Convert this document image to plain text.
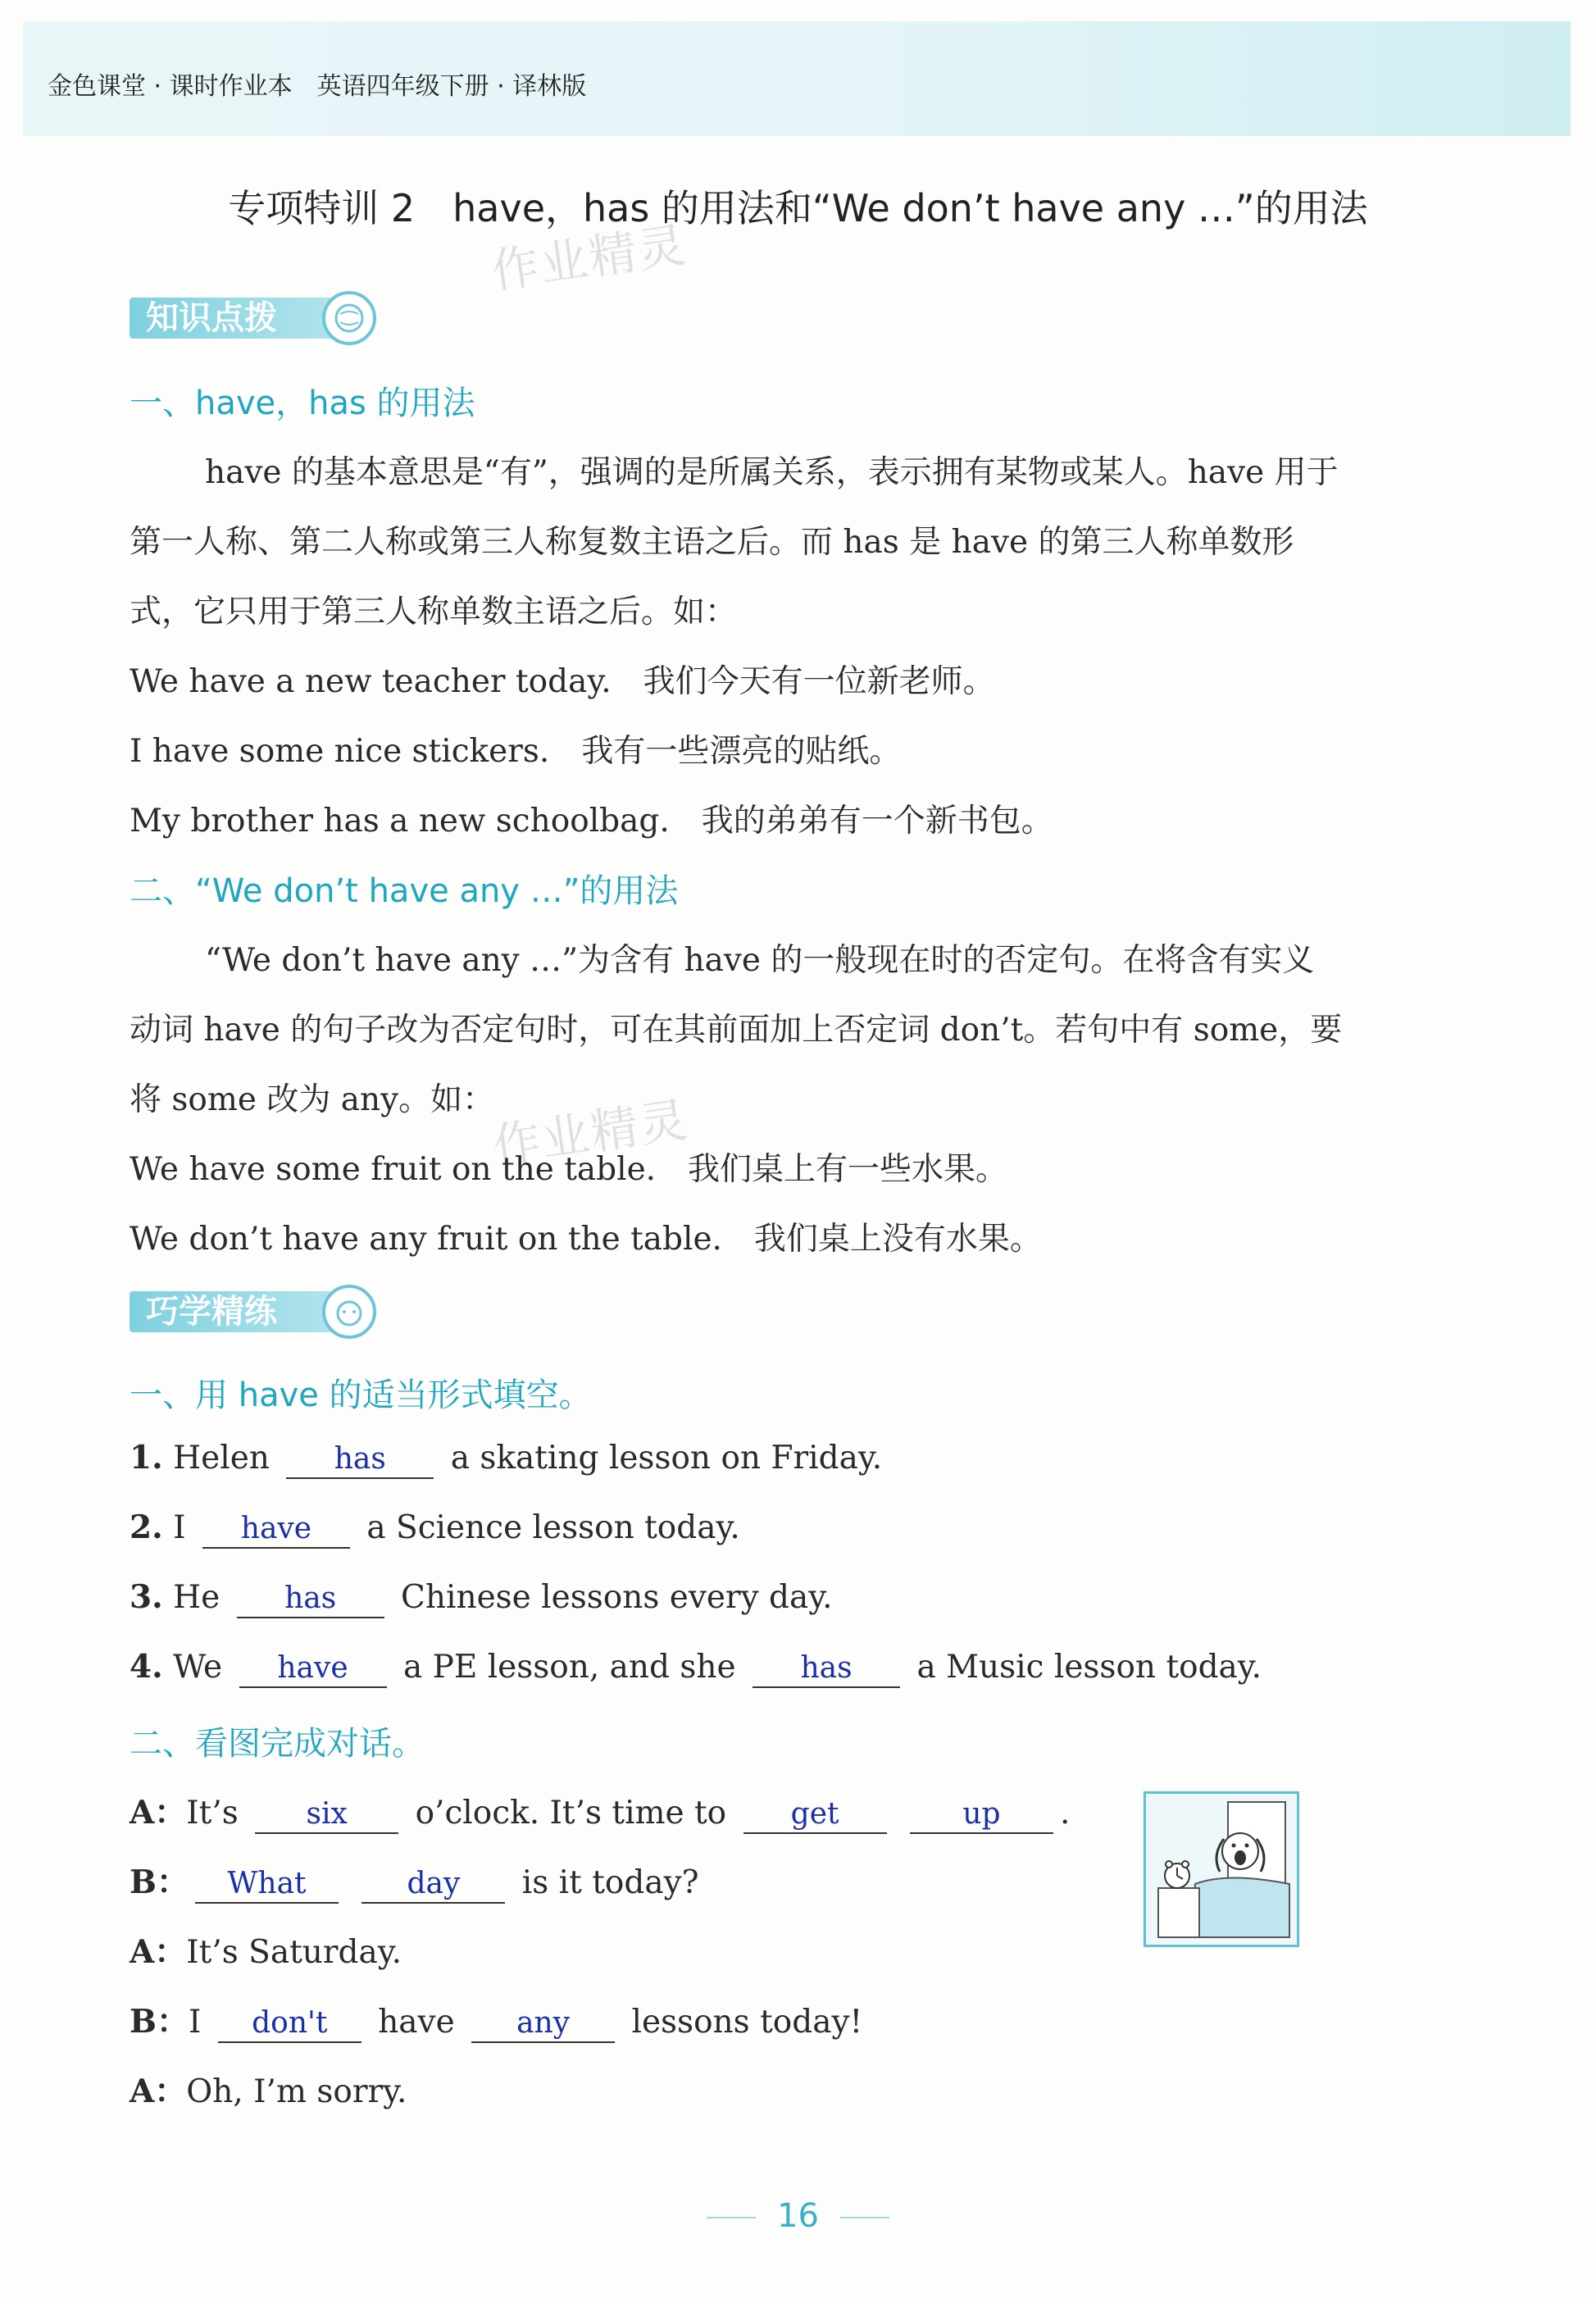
金色课堂 · 课时作业本　英语四年级下册 · 译林版
专项特训 2　have，has 的用法和“We don’t have any …”的用法
作业精灵
作业精灵
知识点拨
一、have，has 的用法
have 的基本意思是“有”，强调的是所属关系，表示拥有某物或某人。have 用于
第一人称、第二人称或第三人称复数主语之后。而 has 是 have 的第三人称单数形
式，它只用于第三人称单数主语之后。如：
We have a new teacher today.　我们今天有一位新老师。
I have some nice stickers.　我有一些漂亮的贴纸。
My brother has a new schoolbag.　我的弟弟有一个新书包。
二、“We don’t have any …”的用法
“We don’t have any …”为含有 have 的一般现在时的否定句。在将含有实义
动词 have 的句子改为否定句时，可在其前面加上否定词 don’t。若句中有 some，要
将 some 改为 any。如：
We have some fruit on the table.　我们桌上有一些水果。
We don’t have any fruit on the table.　我们桌上没有水果。
巧学精练
一、用 have 的适当形式填空。
1. Helen has a skating lesson on Friday.
2. I have a Science lesson today.
3. He has Chinese lessons every day.
4. We have a PE lesson, and she has a Music lesson today.
二、看图完成对话。
A：It’s six o’clock. It’s time to get	up .
B： What	day is it today?
A：It’s Saturday.
B：I don't have any lessons today!
A：Oh, I’m sorry.
16
